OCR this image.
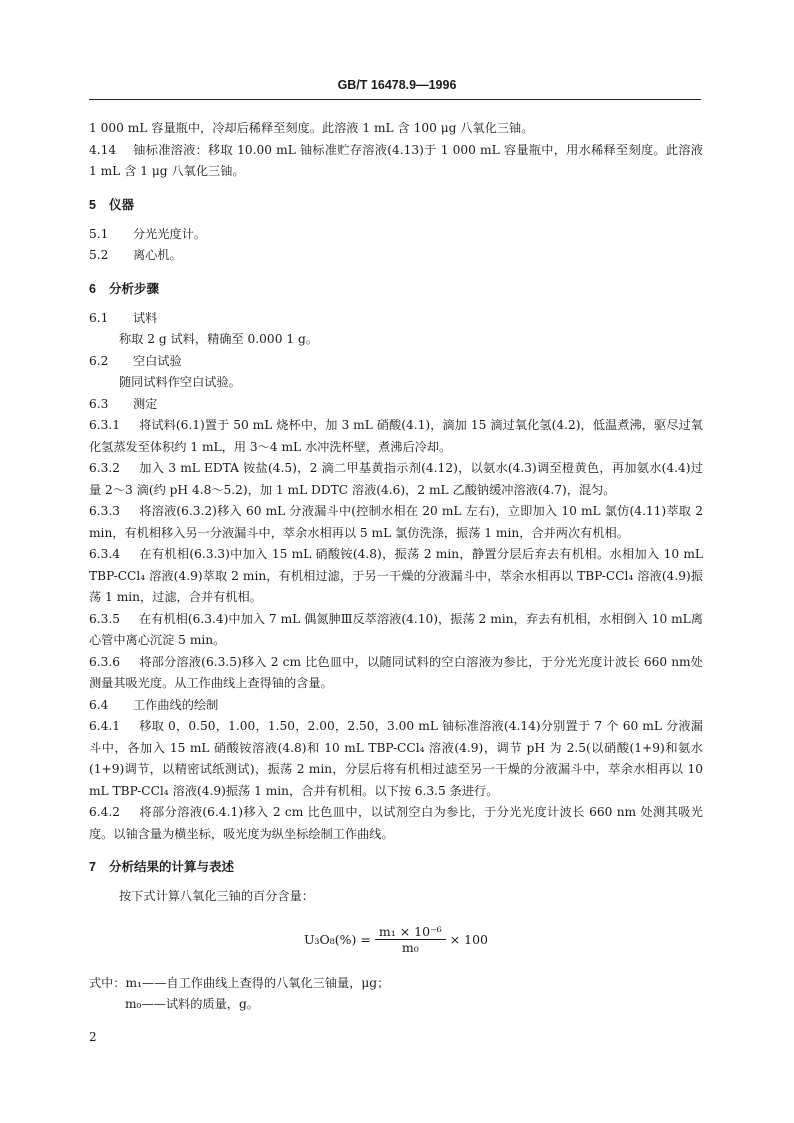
GB/T 16478.9—1996

1 000 mL 容量瓶中，冷却后稀释至刻度。此溶液 1 mL 含 100 μg 八氧化三铀。

4.14 铀标准溶液：移取 10.00 mL 铀标准贮存溶液(4.13)于 1 000 mL 容量瓶中，用水稀释至刻度。此溶液 1 mL 含 1 μg 八氧化三铀。

5 仪器

5.1 分光光度计。

5.2 离心机。

6 分析步骤

6.1 试料

称取 2 g 试料，精确至 0.000 1 g。

6.2 空白试验

随同试料作空白试验。

6.3 测定

6.3.1 将试料(6.1)置于 50 mL 烧杯中，加 3 mL 硝酸(4.1)，滴加 15 滴过氧化氢(4.2)，低温煮沸，驱尽过氧化氢蒸发至体积约 1 mL，用 3～4 mL 水冲洗杯壁，煮沸后冷却。

6.3.2 加入 3 mL EDTA 铵盐(4.5)，2 滴二甲基黄指示剂(4.12)，以氨水(4.3)调至橙黄色，再加氨水(4.4)过量 2～3 滴(约 pH 4.8～5.2)，加 1 mL DDTC 溶液(4.6)，2 mL 乙酸钠缓冲溶液(4.7)，混匀。

6.3.3 将溶液(6.3.2)移入 60 mL 分液漏斗中(控制水相在 20 mL 左右)，立即加入 10 mL 氯仿(4.11)萃取 2 min，有机相移入另一分液漏斗中，萃余水相再以 5 mL 氯仿洗涤，振荡 1 min，合并两次有机相。

6.3.4 在有机相(6.3.3)中加入 15 mL 硝酸铵(4.8)，振荡 2 min，静置分层后弃去有机相。水相加入 10 mL TBP-CCl₄ 溶液(4.9)萃取 2 min，有机相过滤，于另一干燥的分液漏斗中，萃余水相再以 TBP-CCl₄ 溶液(4.9)振荡 1 min，过滤，合并有机相。

6.3.5 在有机相(6.3.4)中加入 7 mL 偶氮胂Ⅲ反萃溶液(4.10)，振荡 2 min，弃去有机相，水相倒入 10 mL离心管中离心沉淀 5 min。

6.3.6 将部分溶液(6.3.5)移入 2 cm 比色皿中，以随同试料的空白溶液为参比，于分光光度计波长 660 nm处测量其吸光度。从工作曲线上查得铀的含量。

6.4 工作曲线的绘制

6.4.1 移取 0，0.50，1.00，1.50，2.00，2.50，3.00 mL 铀标准溶液(4.14)分别置于 7 个 60 mL 分液漏斗中，各加入 15 mL 硝酸铵溶液(4.8)和 10 mL TBP-CCl₄ 溶液(4.9)，调节 pH 为 2.5(以硝酸(1+9)和氨水(1+9)调节，以精密试纸测试)，振荡 2 min，分层后将有机相过滤至另一干燥的分液漏斗中，萃余水相再以 10 mL TBP-CCl₄ 溶液(4.9)振荡 1 min，合并有机相。以下按 6.3.5 条进行。

6.4.2 将部分溶液(6.4.1)移入 2 cm 比色皿中，以试剂空白为参比，于分光光度计波长 660 nm 处测其吸光度。以铀含量为横坐标，吸光度为纵坐标绘制工作曲线。

7 分析结果的计算与表述

按下式计算八氧化三铀的百分含量：

U₃O₈(%) =	m₁ × 10⁻⁶	× 100
m₀

式中：m₁——自工作曲线上查得的八氧化三铀量，μg；

m₀——试料的质量，g。

2
